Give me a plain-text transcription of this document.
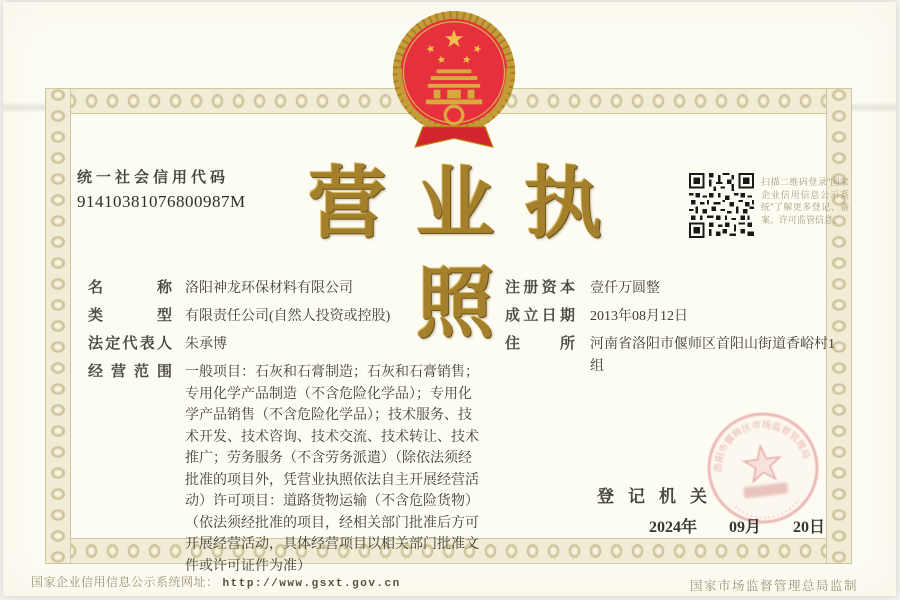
统一社会信用代码
91410381076800987M 营业执照
扫描二维码登录“国家企业信用信息公示系统”了解更多登记、备案、许可监管信息。
名称 洛阳神龙环保材料有限公司
类型 有限责任公司(自然人投资或控股)
法定代表人 朱承博
经营范围 一般项目：石灰和石膏制造；石灰和石膏销售；专用化学产品制造（不含危险化学品）；专用化学产品销售（不含危险化学品）；技术服务、技术开发、技术咨询、技术交流、技术转让、技术推广；劳务服务（不含劳务派遣）（除依法须经批准的项目外，凭营业执照依法自主开展经营活动）许可项目：道路货物运输（不含危险货物）（依法须经批准的项目，经相关部门批准后方可开展经营活动，具体经营项目以相关部门批准文件或许可证件为准）
注册资本 壹仟万圆整
成立日期 2013年08月12日
住所 河南省洛阳市偃师区首阳山街道香峪村1组
登记机关
洛阳市偃师区市场监督管理局
2024年 09月 20日
国家企业信用信息公示系统网址： http://www.gsxt.gov.cn	国家市场监督管理总局监制
